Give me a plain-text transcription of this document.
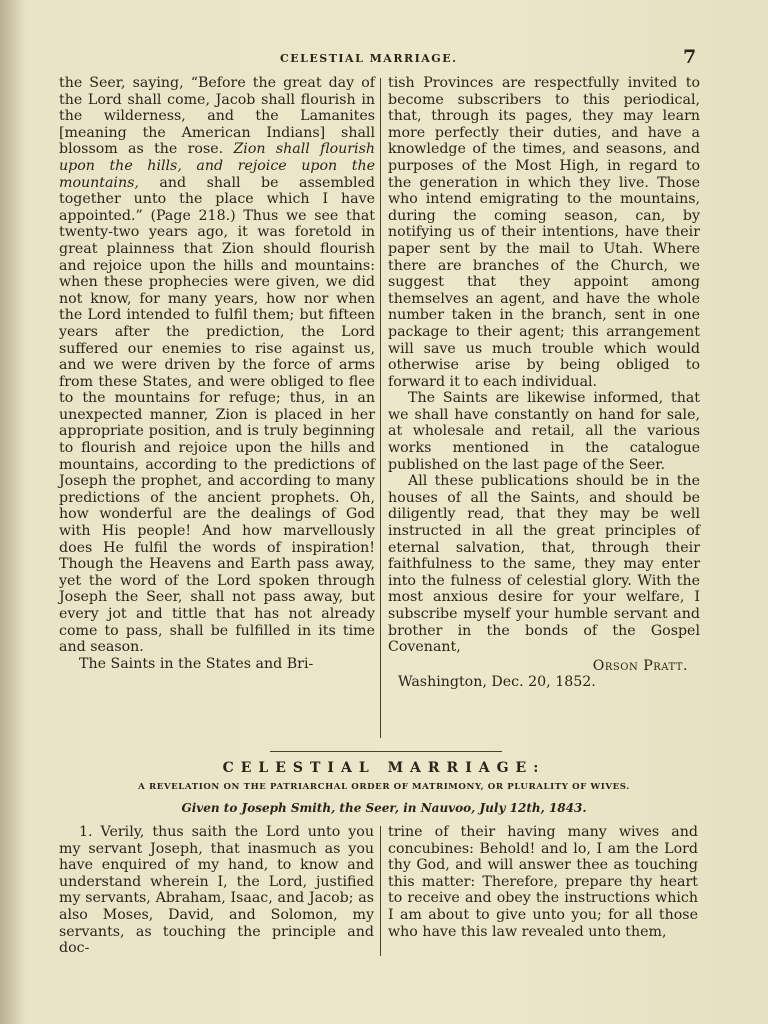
CELESTIAL MARRIAGE.	7

the Seer, saying, “Before the great day of the Lord shall come, Jacob shall flourish in the wilderness, and the Lamanites [meaning the American Indians] shall blossom as the rose. Zion shall flourish upon the hills, and rejoice upon the mountains, and shall be assembled together unto the place which I have appointed.” (Page 218.) Thus we see that twenty-two years ago, it was foretold in great plainness that Zion should flourish and rejoice upon the hills and mountains: when these prophecies were given, we did not know, for many years, how nor when the Lord intended to fulfil them; but fifteen years after the prediction, the Lord suffered our enemies to rise against us, and we were driven by the force of arms from these States, and were obliged to flee to the mountains for refuge; thus, in an unexpected manner, Zion is placed in her appropriate position, and is truly beginning to flourish and rejoice upon the hills and mountains, according to the predictions of Joseph the prophet, and according to many predictions of the ancient prophets. Oh, how wonderful are the dealings of God with His people! And how marvellously does He fulfil the words of inspiration! Though the Heavens and Earth pass away, yet the word of the Lord spoken through Joseph the Seer, shall not pass away, but every jot and tittle that has not already come to pass, shall be fulfilled in its time and season.

The Saints in the States and Bri-

tish Provinces are respectfully invited to become subscribers to this periodical, that, through its pages, they may learn more perfectly their duties, and have a knowledge of the times, and seasons, and purposes of the Most High, in regard to the generation in which they live. Those who intend emigrating to the mountains, during the coming season, can, by notifying us of their intentions, have their paper sent by the mail to Utah. Where there are branches of the Church, we suggest that they appoint among themselves an agent, and have the whole number taken in the branch, sent in one package to their agent; this arrangement will save us much trouble which would otherwise arise by being obliged to forward it to each individual.

The Saints are likewise informed, that we shall have constantly on hand for sale, at wholesale and retail, all the various works mentioned in the catalogue published on the last page of the Seer.

All these publications should be in the houses of all the Saints, and should be diligently read, that they may be well instructed in all the great principles of eternal salvation, that, through their faithfulness to the same, they may enter into the fulness of celestial glory. With the most anxious desire for your welfare, I subscribe myself your humble servant and brother in the bonds of the Gospel Covenant,

Orson Pratt.

Washington, Dec. 20, 1852.

CELESTIAL MARRIAGE:
A REVELATION ON THE PATRIARCHAL ORDER OF MATRIMONY, OR PLURALITY OF WIVES.
Given to Joseph Smith, the Seer, in Nauvoo, July 12th, 1843.

1. Verily, thus saith the Lord unto you my servant Joseph, that inasmuch as you have enquired of my hand, to know and understand wherein I, the Lord, justified my servants, Abraham, Isaac, and Jacob; as also Moses, David, and Solomon, my servants, as touching the principle and doc-

trine of their having many wives and concubines: Behold! and lo, I am the Lord thy God, and will answer thee as touching this matter: Therefore, prepare thy heart to receive and obey the instructions which I am about to give unto you; for all those who have this law revealed unto them,
